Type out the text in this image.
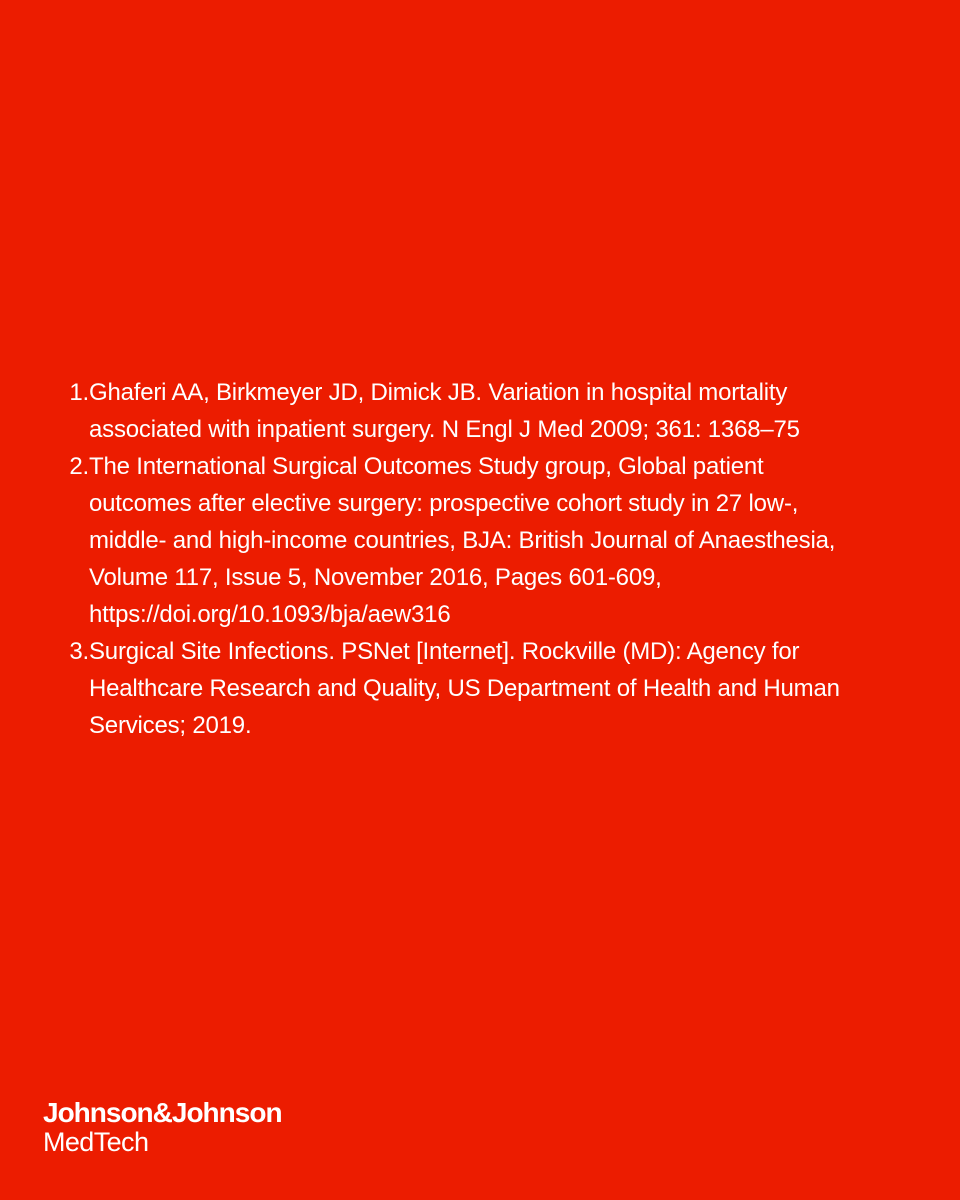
1. Ghaferi AA, Birkmeyer JD, Dimick JB. Variation in hospital mortality
associated with inpatient surgery. N Engl J Med 2009; 361: 1368–75
2. The International Surgical Outcomes Study group, Global patient
outcomes after elective surgery: prospective cohort study in 27 low-,
middle- and high-income countries, BJA: British Journal of Anaesthesia,
Volume 117, Issue 5, November 2016, Pages 601-609,
https://doi.org/10.1093/bja/aew316
3. Surgical Site Infections. PSNet [Internet]. Rockville (MD): Agency for
Healthcare Research and Quality, US Department of Health and Human
Services; 2019.
Johnson&Johnson
MedTech
